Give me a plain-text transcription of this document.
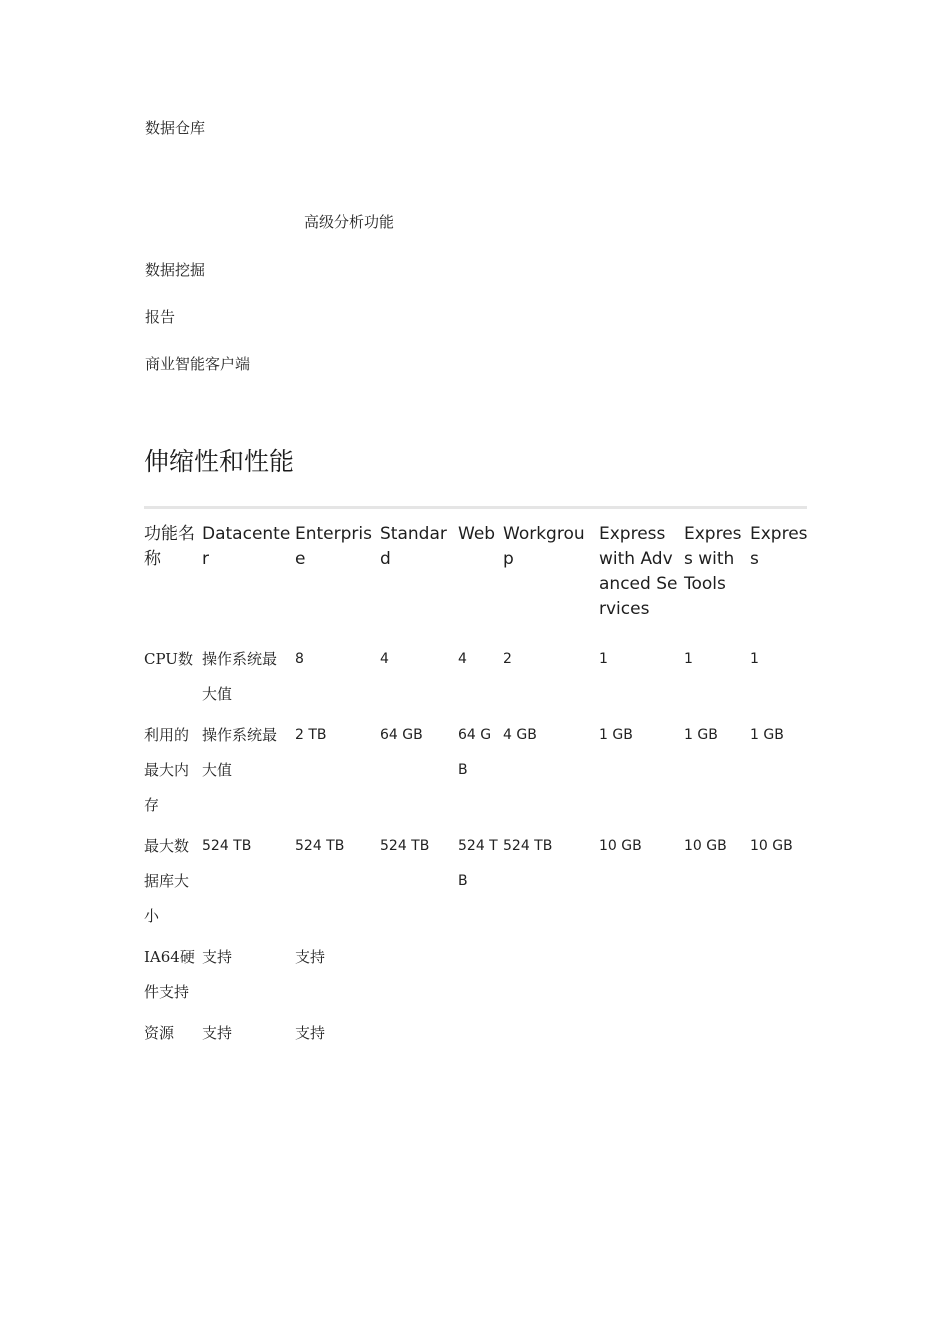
数据仓库
高级分析功能
数据挖掘
报告
商业智能客户端
伸缩性和性能
功能名称	Datacenter	Enterprise	Standard	Web	Workgroup	Express with Advanced Services	Express with Tools	Express
CPU数	操作系统最大值	8	4	4	2	1	1	1
利用的最大内存	操作系统最大值	2 TB	64 GB	64 GB	4 GB	1 GB	1 GB	1 GB
最大数据库大小	524 TB	524 TB	524 TB	524 TB	524 TB	10 GB	10 GB	10 GB
IA64硬件支持	支持	支持						
资源	支持	支持						
